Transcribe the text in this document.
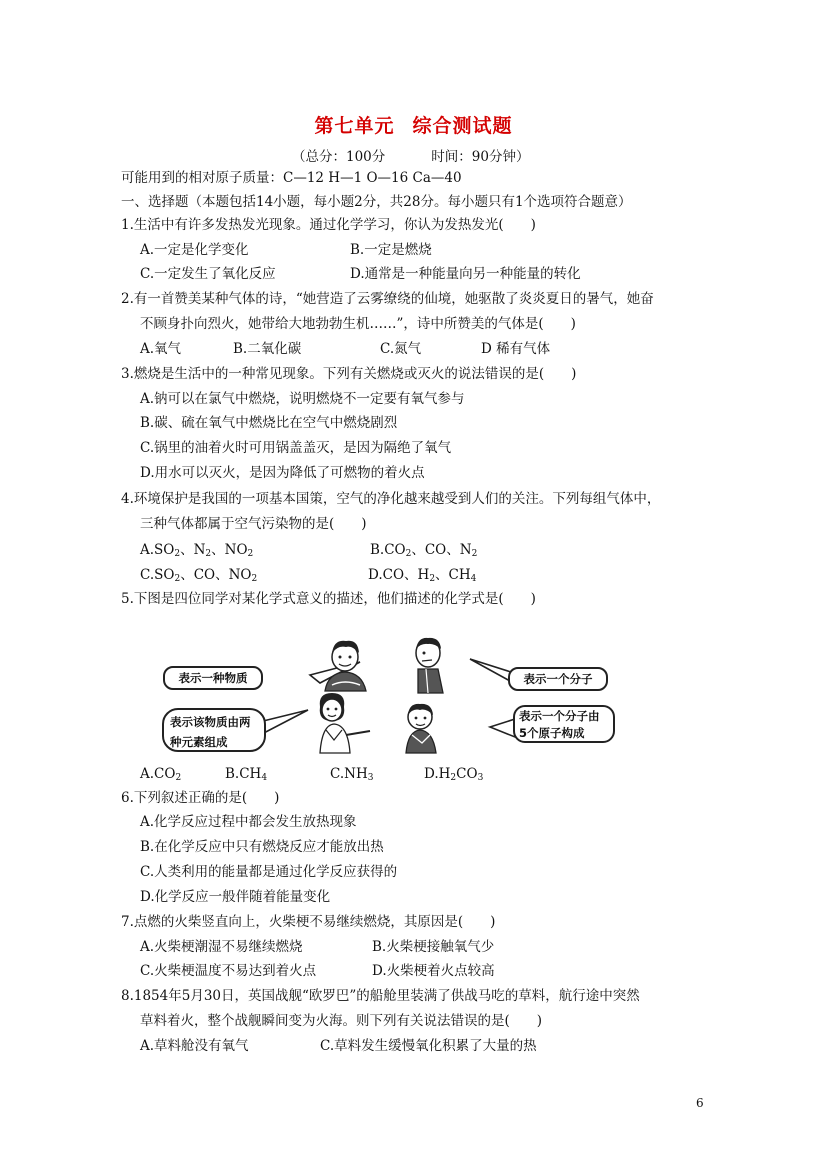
第七单元 综合测试题
（总分：100分	时间：90分钟）
可能用到的相对原子质量：C—12 H—1 O—16 Ca—40
一、选择题（本题包括14小题，每小题2分，共28分。每小题只有1个选项符合题意）
1.生活中有许多发热发光现象。通过化学学习，你认为发热发光(　　)
A.一定是化学变化	B.一定是燃烧
C.一定发生了氧化反应	D.通常是一种能量向另一种能量的转化
2.有一首赞美某种气体的诗，“她营造了云雾缭绕的仙境，她驱散了炎炎夏日的暑气，她奋
不顾身扑向烈火，她带给大地勃勃生机……”，诗中所赞美的气体是(　　)
A.氧气	B.二氧化碳	C.氮气	D 稀有气体
3.燃烧是生活中的一种常见现象。下列有关燃烧或灭火的说法错误的是(　　)
A.钠可以在氯气中燃烧，说明燃烧不一定要有氧气参与
B.碳、硫在氧气中燃烧比在空气中燃烧剧烈
C.锅里的油着火时可用锅盖盖灭，是因为隔绝了氧气
D.用水可以灭火，是因为降低了可燃物的着火点
4.环境保护是我国的一项基本国策，空气的净化越来越受到人们的关注。下列每组气体中，
三种气体都属于空气污染物的是(　　)
$A.SO_2$、$N_2$、$NO_2$	$B.CO_2$、CO、$N_2$
$C.SO_2$、CO、$NO_2$	D.CO、$H_2$、$CH_4$
5.下图是四位同学对某化学式意义的描述，他们描述的化学式是(　　)
表示一种物质	表示一个分子
表示该物质由两
种元素组成
表示一个分子由
5个原子构成
$A.CO_2$	$B.CH_4$	$C.NH_3$	$D.H_2CO_3$
6.下列叙述正确的是(　　)
A.化学反应过程中都会发生放热现象
B.在化学反应中只有燃烧反应才能放出热
C.人类利用的能量都是通过化学反应获得的
D.化学反应一般伴随着能量变化
7.点燃的火柴竖直向上，火柴梗不易继续燃烧，其原因是(　　)
A.火柴梗潮湿不易继续燃烧	B.火柴梗接触氧气少
C.火柴梗温度不易达到着火点	D.火柴梗着火点较高
8.1854年5月30日，英国战舰“欧罗巴”的船舱里装满了供战马吃的草料，航行途中突然
草料着火，整个战舰瞬间变为火海。则下列有关说法错误的是(　　)
A.草料舱没有氧气	C.草料发生缓慢氧化积累了大量的热
6
